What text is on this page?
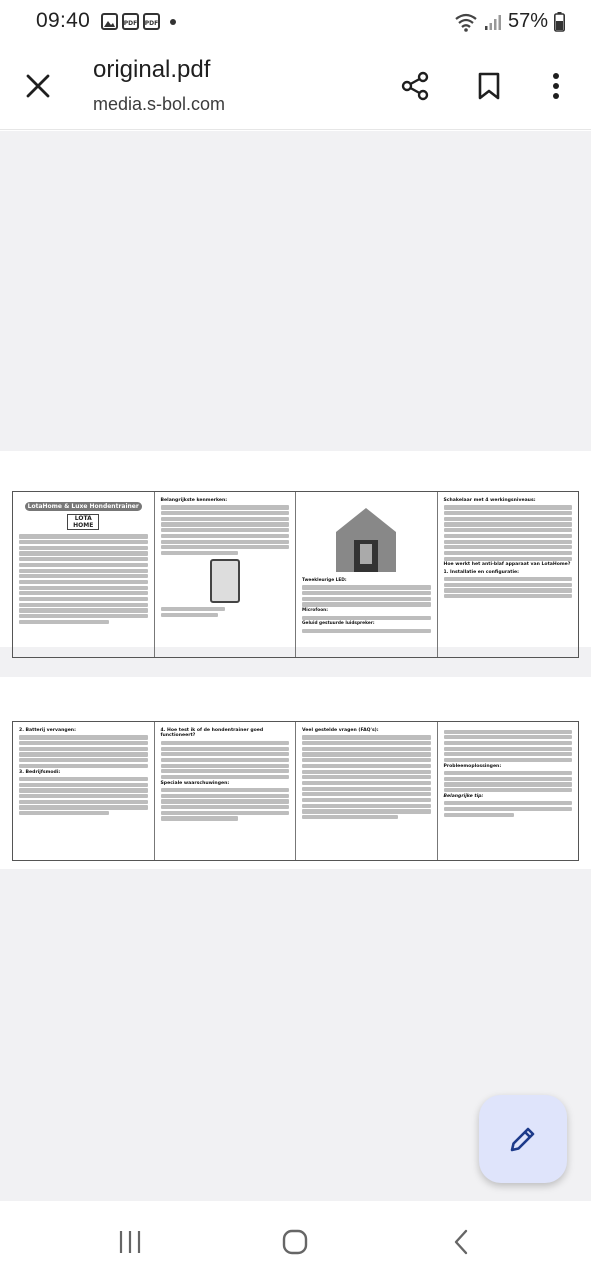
09:40	PDF PDF	57%
original.pdf
media.s-bol.com
LotaHome & Luxe Hondentrainer
LOTA HOME
Belangrijkste kenmerken:
Tweekleurige LED:
Microfoon:
Geluid gestuurde luidspreker:
Schakelaar met 4 werkingsniveaus:
Hoe werkt het anti-blaf apparaat van LotaHome?
1. Installatie en configuratie:
2. Batterij vervangen:
3. Bedrijfsmodi:
4. Hoe test ik of de hondentrainer goed functioneert?
Speciale waarschuwingen:
Veel gestelde vragen (FAQ's):
Probleemoplossingen:
Belangrijke tip:
